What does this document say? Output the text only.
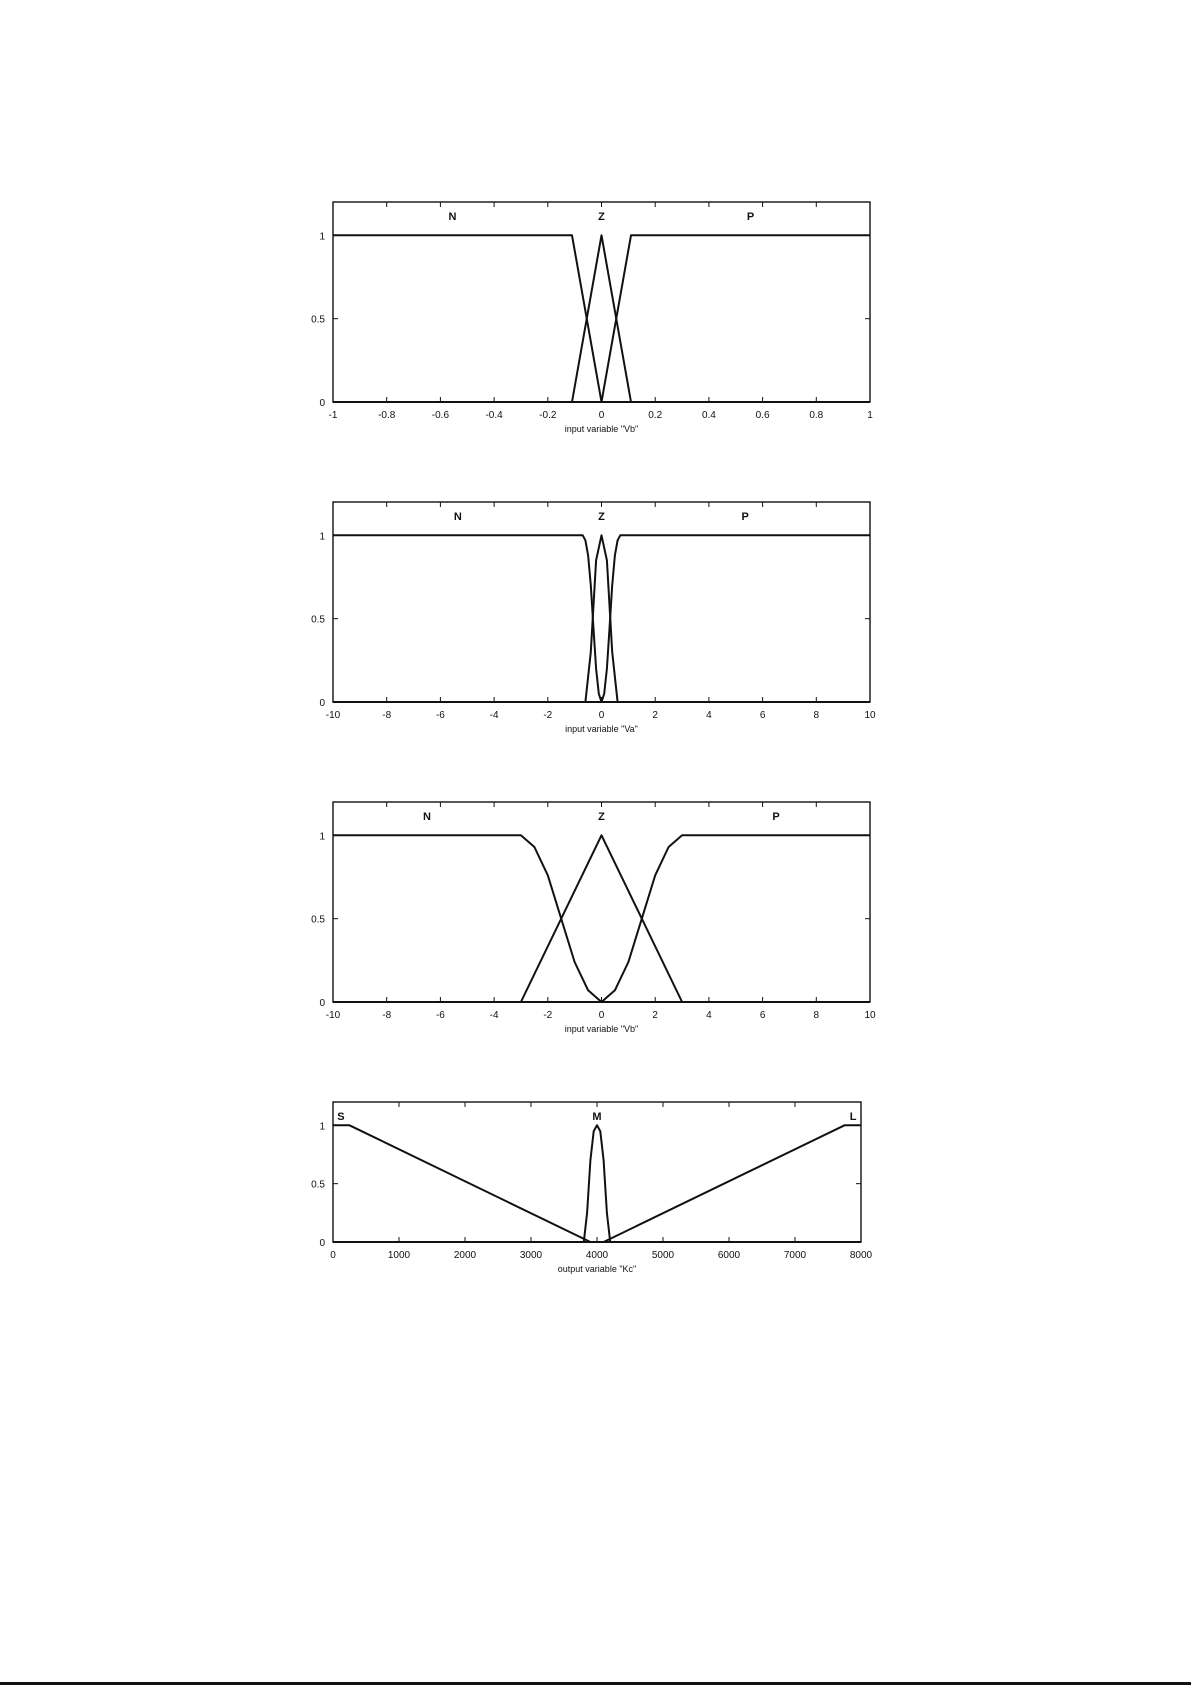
-1	-0.8	-0.6	-0.4	-0.2	0	0.2	0.4	0.6	0.8	1
0
0.5
1
N	Z	P
input variable "Vb"
-10	-8	-6	-4	-2	0	2	4	6	8	10
0
0.5
1
N	Z	P
input variable "Va"
-10	-8	-6	-4	-2	0	2	4	6	8	10
0
0.5
1
N	Z	P
input variable "Vb"
0	1000	2000	3000	4000	5000	6000	7000	8000
0
0.5
1
S	M	L
output variable "Kc"
